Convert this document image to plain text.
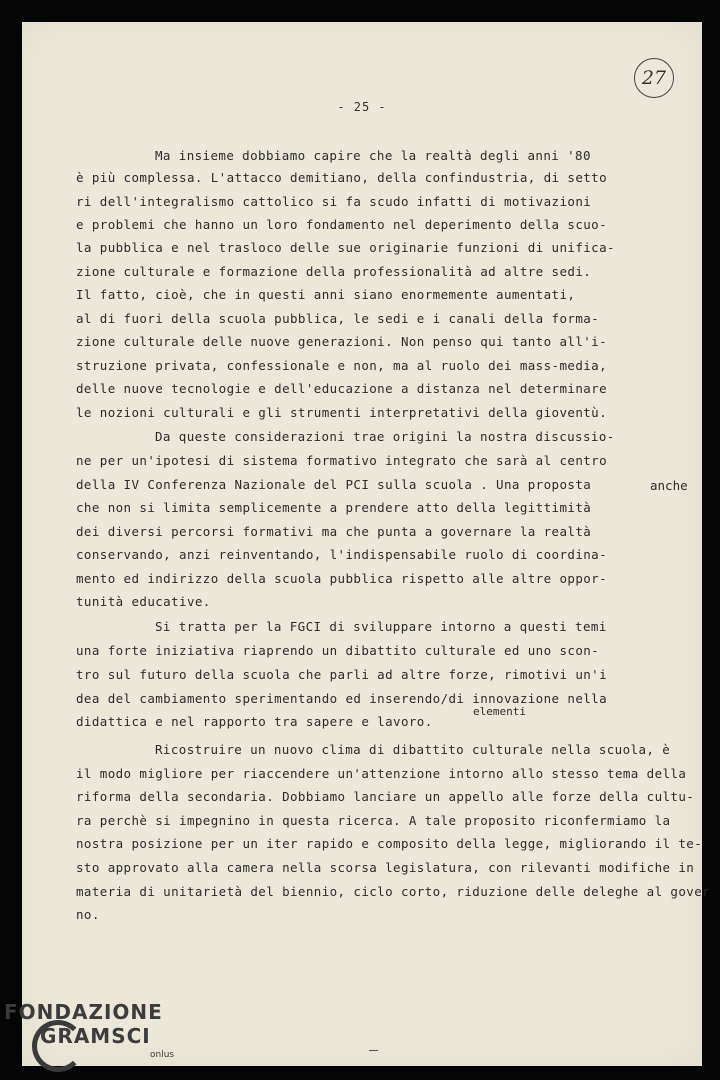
- 25 -
27
Ma insieme dobbiamo capire che la realtà degli anni '80
è più complessa. L'attacco demitiano, della confindustria, di setto
ri dell'integralismo cattolico si fa scudo infatti di motivazioni
e problemi che hanno un loro fondamento nel deperimento della scuo-
la pubblica e nel trasloco delle sue originarie funzioni di unifica-
zione culturale e formazione della professionalità ad altre sedi.
Il fatto, cioè, che in questi anni siano enormemente aumentati,
al di fuori della scuola pubblica, le sedi e i canali della forma-
zione culturale delle nuove generazioni. Non penso qui tanto all'i-
struzione privata, confessionale e non, ma al ruolo dei mass-media,
delle nuove tecnologie e dell'educazione a distanza nel determinare
le nozioni culturali e gli strumenti interpretativi della gioventù.
Da queste considerazioni trae origini la nostra discussio-
ne per un'ipotesi di sistema formativo integrato che sarà al centro
della IV Conferenza Nazionale del PCI sulla scuola . Una proposta
che non si limita semplicemente a prendere atto della legittimità
dei diversi percorsi formativi ma che punta a governare la realtà
conservando, anzi reinventando, l'indispensabile ruolo di coordina-
mento ed indirizzo della scuola pubblica rispetto alle altre oppor-
tunità educative.
Si tratta per la FGCI di sviluppare intorno a questi temi
una forte iniziativa riaprendo un dibattito culturale ed uno scon-
tro sul futuro della scuola che parli ad altre forze, rimotivi un'i
dea del cambiamento sperimentando ed inserendo/di innovazione nella
didattica e nel rapporto tra sapere e lavoro.
Ricostruire un nuovo clima di dibattito culturale nella scuola, è
il modo migliore per riaccendere un'attenzione intorno allo stesso tema della
riforma della secondaria. Dobbiamo lanciare un appello alle forze della cultu-
ra perchè si impegnino in questa ricerca. A tale proposito riconfermiamo la
nostra posizione per un iter rapido e composito della legge, migliorando il te-
sto approvato alla camera nella scorsa legislatura, con rilevanti modifiche in
materia di unitarietà del biennio, ciclo corto, riduzione delle deleghe al gover
no.
anche
elementi
FONDAZIONE
GRAMSCI
onlus
